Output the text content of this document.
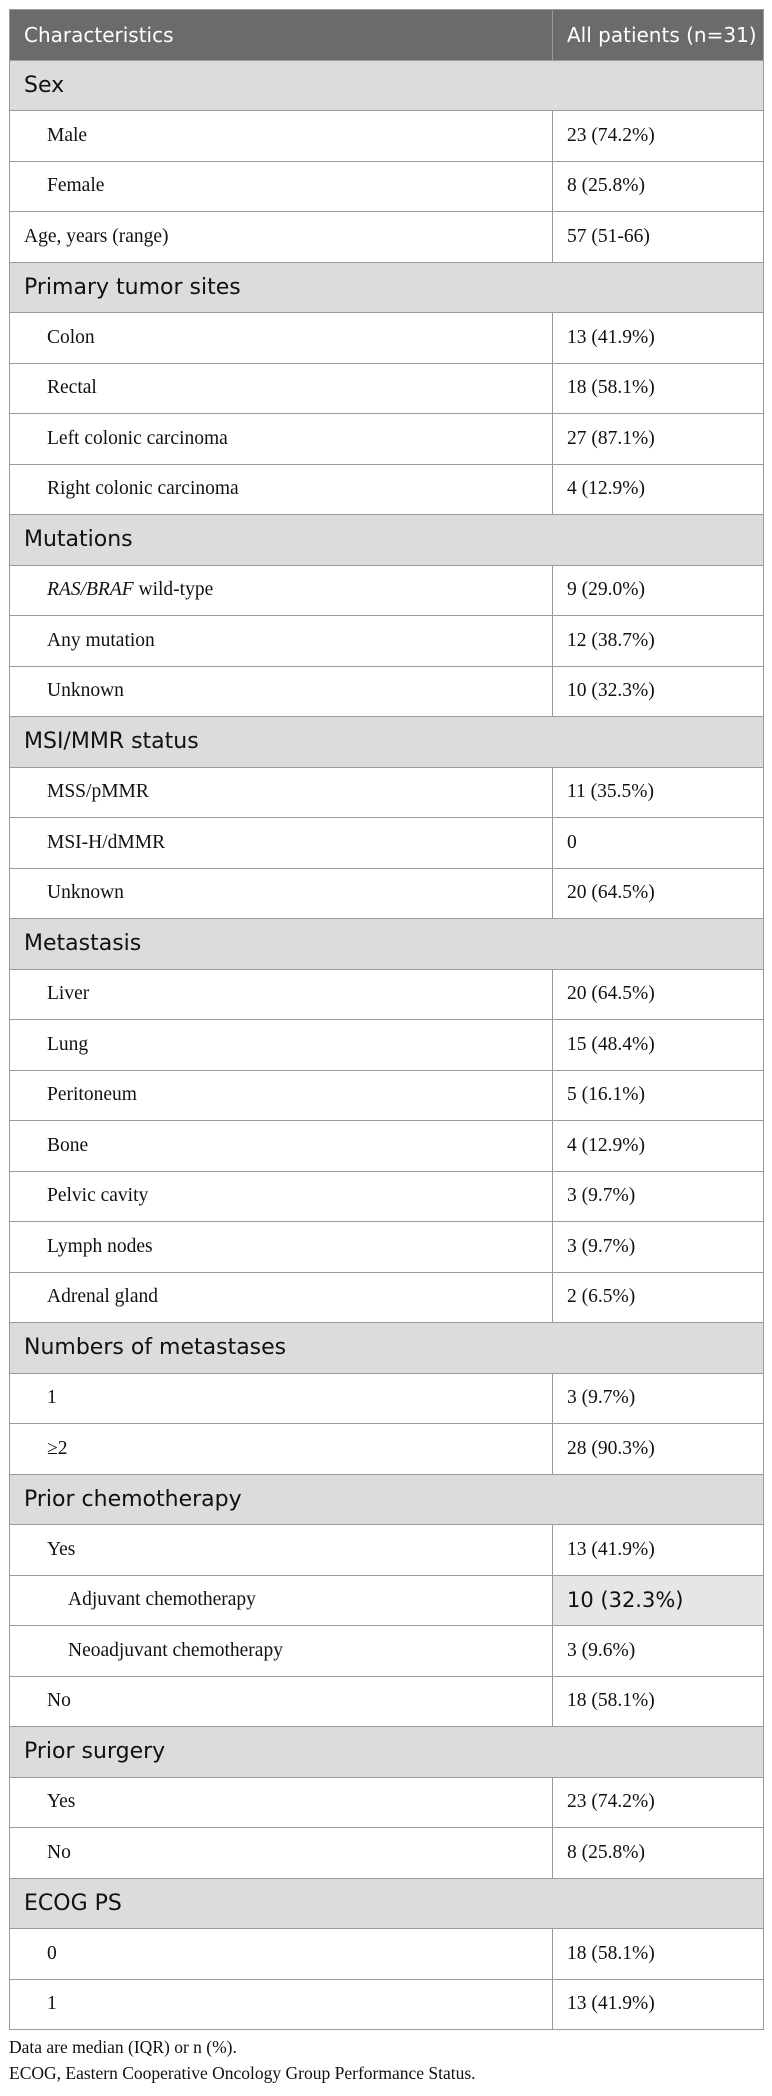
Characteristics	All patients (n=31)
Sex	
Male	23 (74.2%)
Female	8 (25.8%)
Age, years (range)	57 (51-66)
Primary tumor sites	
Colon	13 (41.9%)
Rectal	18 (58.1%)
Left colonic carcinoma	27 (87.1%)
Right colonic carcinoma	4 (12.9%)
Mutations	
RAS/BRAF wild-type	9 (29.0%)
Any mutation	12 (38.7%)
Unknown	10 (32.3%)
MSI/MMR status	
MSS/pMMR	11 (35.5%)
MSI-H/dMMR	0
Unknown	20 (64.5%)
Metastasis	
Liver	20 (64.5%)
Lung	15 (48.4%)
Peritoneum	5 (16.1%)
Bone	4 (12.9%)
Pelvic cavity	3 (9.7%)
Lymph nodes	3 (9.7%)
Adrenal gland	2 (6.5%)
Numbers of metastases	
1	3 (9.7%)
≥2	28 (90.3%)
Prior chemotherapy	
Yes	13 (41.9%)
Adjuvant chemotherapy	10 (32.3%)
Neoadjuvant chemotherapy	3 (9.6%)
No	18 (58.1%)
Prior surgery	
Yes	23 (74.2%)
No	8 (25.8%)
ECOG PS	
0	18 (58.1%)
1	13 (41.9%)
Data are median (IQR) or n (%).
ECOG, Eastern Cooperative Oncology Group Performance Status.
